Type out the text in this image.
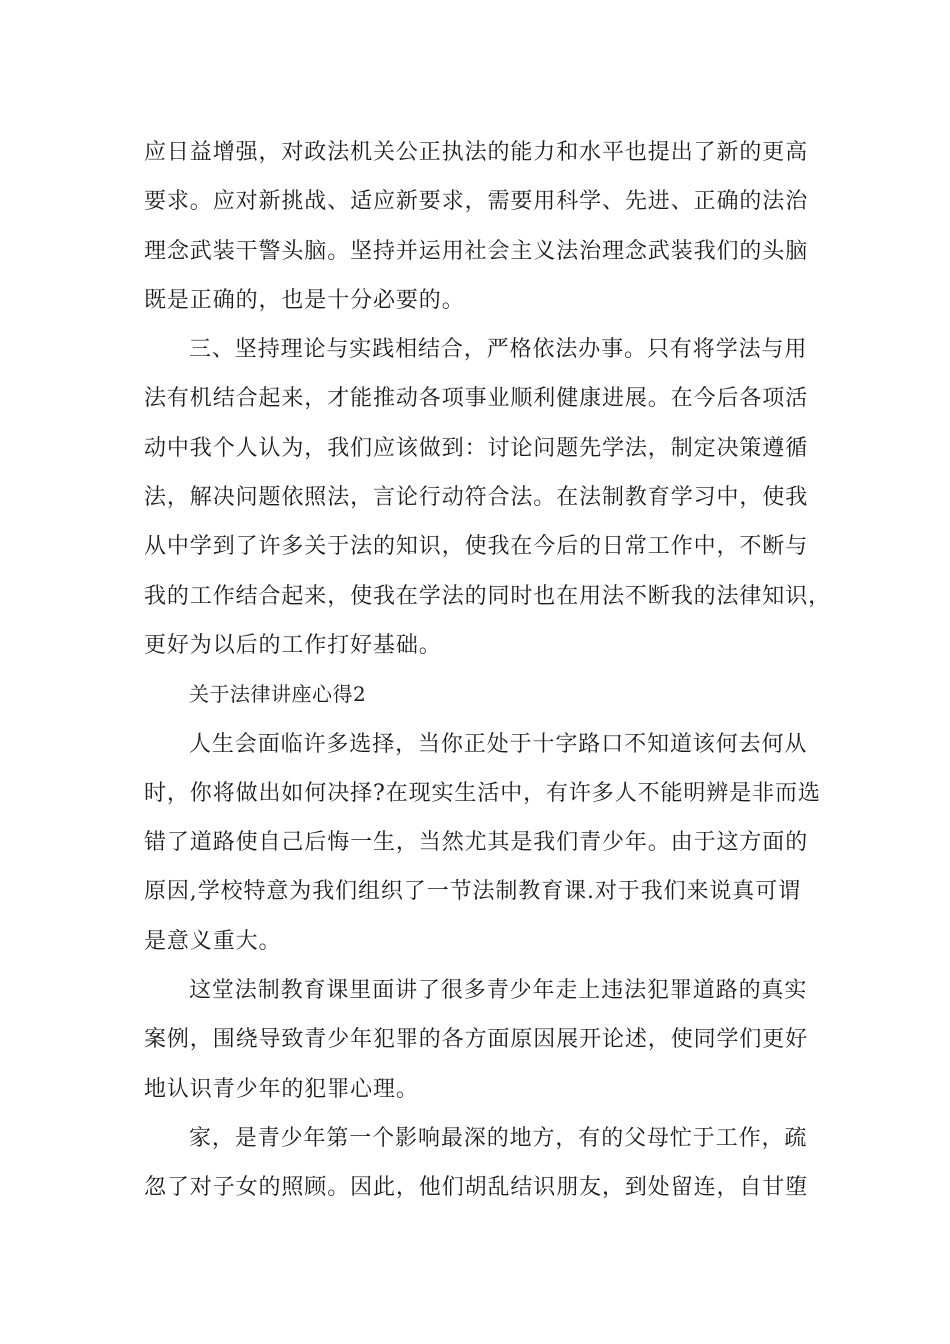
应日益增强，对政法机关公正执法的能力和水平也提出了新的更高
要求。应对新挑战、适应新要求，需要用科学、先进、正确的法治
理念武装干警头脑。坚持并运用社会主义法治理念武装我们的头脑
既是正确的，也是十分必要的。
三、坚持理论与实践相结合，严格依法办事。只有将学法与用
法有机结合起来，才能推动各项事业顺利健康进展。在今后各项活
动中我个人认为，我们应该做到：讨论问题先学法，制定决策遵循
法，解决问题依照法，言论行动符合法。在法制教育学习中，使我
从中学到了许多关于法的知识，使我在今后的日常工作中，不断与
我的工作结合起来，使我在学法的同时也在用法不断我的法律知识，
更好为以后的工作打好基础。
关于法律讲座心得2
人生会面临许多选择，当你正处于十字路口不知道该何去何从
时，你将做出如何决择?在现实生活中，有许多人不能明辨是非而选
错了道路使自己后悔一生，当然尤其是我们青少年。由于这方面的
原因,学校特意为我们组织了一节法制教育课.对于我们来说真可谓
是意义重大。
这堂法制教育课里面讲了很多青少年走上违法犯罪道路的真实
案例，围绕导致青少年犯罪的各方面原因展开论述，使同学们更好
地认识青少年的犯罪心理。
家，是青少年第一个影响最深的地方，有的父母忙于工作，疏
忽了对子女的照顾。因此，他们胡乱结识朋友，到处留连，自甘堕
